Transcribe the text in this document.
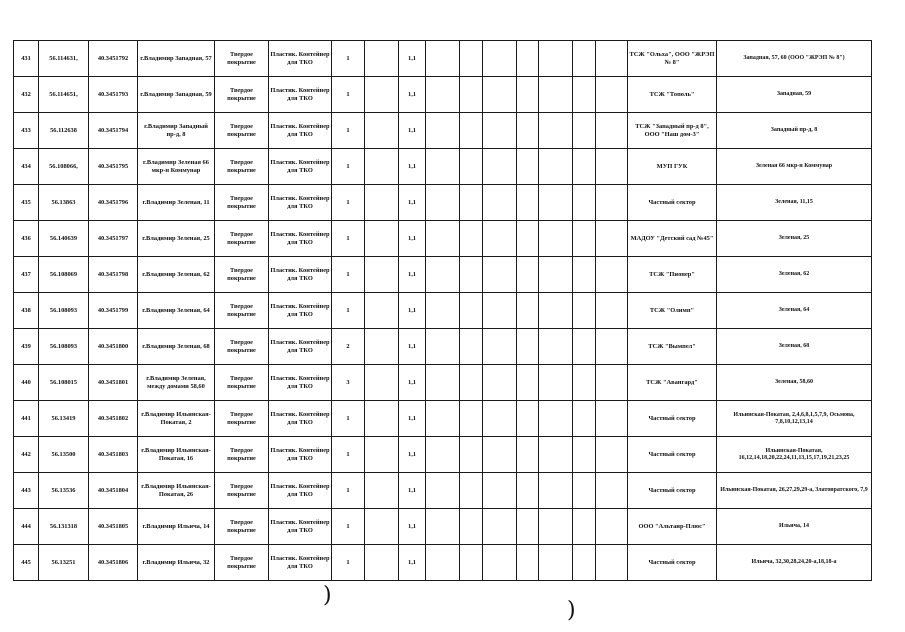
431	56.114631,	40.3451792	г.Владимир Западная, 57	Твердое покрытие	Пластик. Контейнер для ТКО	1		1,1								ТСЖ "Ольха", ООО "ЖРЭП № 8"	Западная, 57, 60 (ООО "ЖРЭП № 8")
432	56.114651,	40.3451793	г.Владимир Западная, 59	Твердое покрытие	Пластик. Контейнер для ТКО	1		1,1								ТСЖ "Тополь"	Западная, 59
433	56.112638	40.3451794	г.Владимир Западный пр-д, 8	Твердое покрытие	Пластик. Контейнер для ТКО	1		1,1								ТСЖ "Западный пр-д 8", ООО "Наш дом-3"	Западный пр-д, 8
434	56.108066,	40.3451795	г.Владимир Зеленая 66 мкр-н Коммунар	Твердое покрытие	Пластик. Контейнер для ТКО	1		1,1								МУП ГУК	Зеленая 66 мкр-н Коммунар
435	56.13863	40.3451796	г.Владимир Зеленая, 11	Твердое покрытие	Пластик. Контейнер для ТКО	1		1,1								Частный сектор	Зеленая, 11,15
436	56.140639	40.3451797	г.Владимир Зеленая, 25	Твердое покрытие	Пластик. Контейнер для ТКО	1		1,1								МАДОУ "Детский сад №45"	Зеленая, 25
437	56.108069	40.3451798	г.Владимир Зеленая, 62	Твердое покрытие	Пластик. Контейнер для ТКО	1		1,1								ТСЖ "Пионер"	Зеленая, 62
438	56.108093	40.3451799	г.Владимир Зеленая, 64	Твердое покрытие	Пластик. Контейнер для ТКО	1		1,1								ТСЖ "Олимп"	Зеленая, 64
439	56.108093	40.3451800	г.Владимир Зеленая, 68	Твердое покрытие	Пластик. Контейнер для ТКО	2		1,1								ТСЖ "Вымпел"	Зеленая, 68
440	56.108015	40.3451801	г.Владимир Зеленая, между домами 58,60	Твердое покрытие	Пластик. Контейнер для ТКО	3		1,1								ТСЖ "Авангард"	Зеленая, 58,60
441	56.13419	40.3451802	г.Владимир Ильинская-Покатая, 2	Твердое покрытие	Пластик. Контейнер для ТКО	1		1,1								Частный сектор	Ильинская-Покатая, 2,4,6,8,1,5,7,9, Осьмова, 7,8,10,12,13,14
442	56.13500	40.3451803	г.Владимир Ильинская-Покатая, 16	Твердое покрытие	Пластик. Контейнер для ТКО	1		1,1								Частный сектор	Ильинская-Покатая, 16,12,14,18,20,22,24,11,13,15,17,19,21,23,25
443	56.13536	40.3451804	г.Владимир Ильинская-Покатая, 26	Твердое покрытие	Пластик. Контейнер для ТКО	1		1,1								Частный сектор	Ильинская-Покатая, 26,27,29,29-а, Златовратского, 7,9
444	56.131318	40.3451805	г.Владимир Ильича, 14	Твердое покрытие	Пластик. Контейнер для ТКО	1		1,1								ООО "Альтаир-Плюс"	Ильича, 14
445	56.13251	40.3451806	г.Владимир Ильича, 32	Твердое покрытие	Пластик. Контейнер для ТКО	1		1,1								Частный сектор	Ильича, 32,30,28,24,20-а,18,18-а
)
)
